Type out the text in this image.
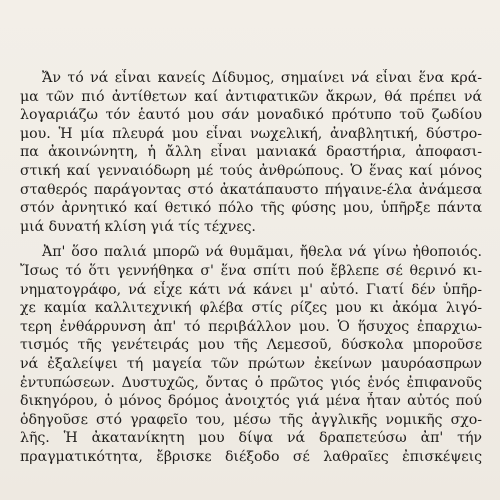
Ἄν τό νά εἶναι κανείς Δίδυμος, σημαίνει νά εἶναι ἕνα κρά-
μα τῶν πιό ἀντίθετων καί ἀντιφατικῶν ἄκρων, θά πρέπει νά
λογαριάζω τόν ἑαυτό μου σάν μοναδικό πρότυπο τοῦ ζωδίου
μου. Ἡ μία πλευρά μου εἶναι νωχελική, ἀναβλητική, δύστρο-
πα ἀκοινώνητη, ἡ ἄλλη εἶναι μανιακά δραστήρια, ἀποφασι-
στική καί γενναιόδωρη μέ τούς ἀνθρώπους. Ὁ ἕνας καί μόνος
σταθερός παράγοντας στό ἀκατάπαυστο πήγαινε-έλα ἀνάμεσα
στόν ἀρνητικό καί θετικό πόλο τῆς φύσης μου, ὑπῆρξε πάντα
μιά δυνατή κλίση γιά τίς τέχνες.
Ἀπ' ὅσο παλιά μπορῶ νά θυμᾶμαι, ἤθελα νά γίνω ἠθοποιός.
Ἴσως τό ὅτι γεννήθηκα σ' ἕνα σπίτι πού ἔβλεπε σέ θερινό κι-
νηματογράφο, νά εἶχε κάτι νά κάνει μ' αὐτό. Γιατί δέν ὑπῆρ-
χε καμία καλλιτεχνική φλέβα στίς ρίζες μου κι ἀκόμα λιγό-
τερη ἐνθάρρυνση ἀπ' τό περιβάλλον μου. Ὁ ἥσυχος ἐπαρχιω-
τισμός τῆς γενέτειράς μου τῆς Λεμεσοῦ, δύσκολα μποροῦσε
νά ἐξαλείψει τή μαγεία τῶν πρώτων ἐκείνων μαυρόασπρων
ἐντυπώσεων. Δυστυχῶς, ὄντας ὁ πρῶτος γιός ἑνός ἐπιφανοῦς
δικηγόρου, ὁ μόνος δρόμος ἀνοιχτός γιά μένα ἦταν αὐτός πού
ὁδηγοῦσε στό γραφεῖο του, μέσω τῆς ἀγγλικῆς νομικῆς σχο-
λῆς. Ἡ ἀκατανίκητη μου δίψα νά δραπετεύσω ἀπ' τήν
πραγματικότητα, ἔβρισκε διέξοδο σέ λαθραῖες ἐπισκέψεις
